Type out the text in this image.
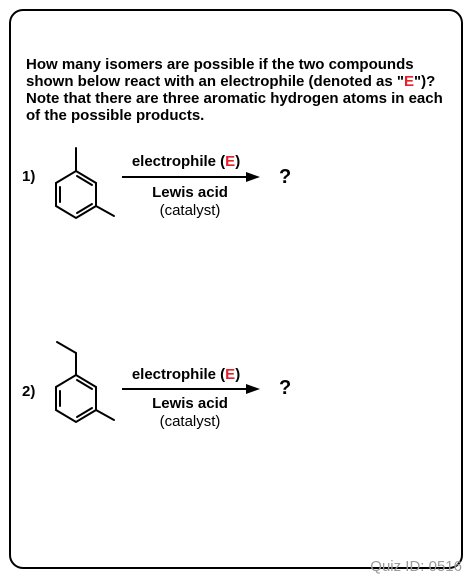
How many isomers are possible if the two compounds shown below react with an electrophile (denoted as "E")? Note that there are three aromatic hydrogen atoms in each of the possible products.
1)
electrophile (E)
Lewis acid
(catalyst)
?
2)
electrophile (E)
Lewis acid
(catalyst)
?
Quiz ID: 0516
